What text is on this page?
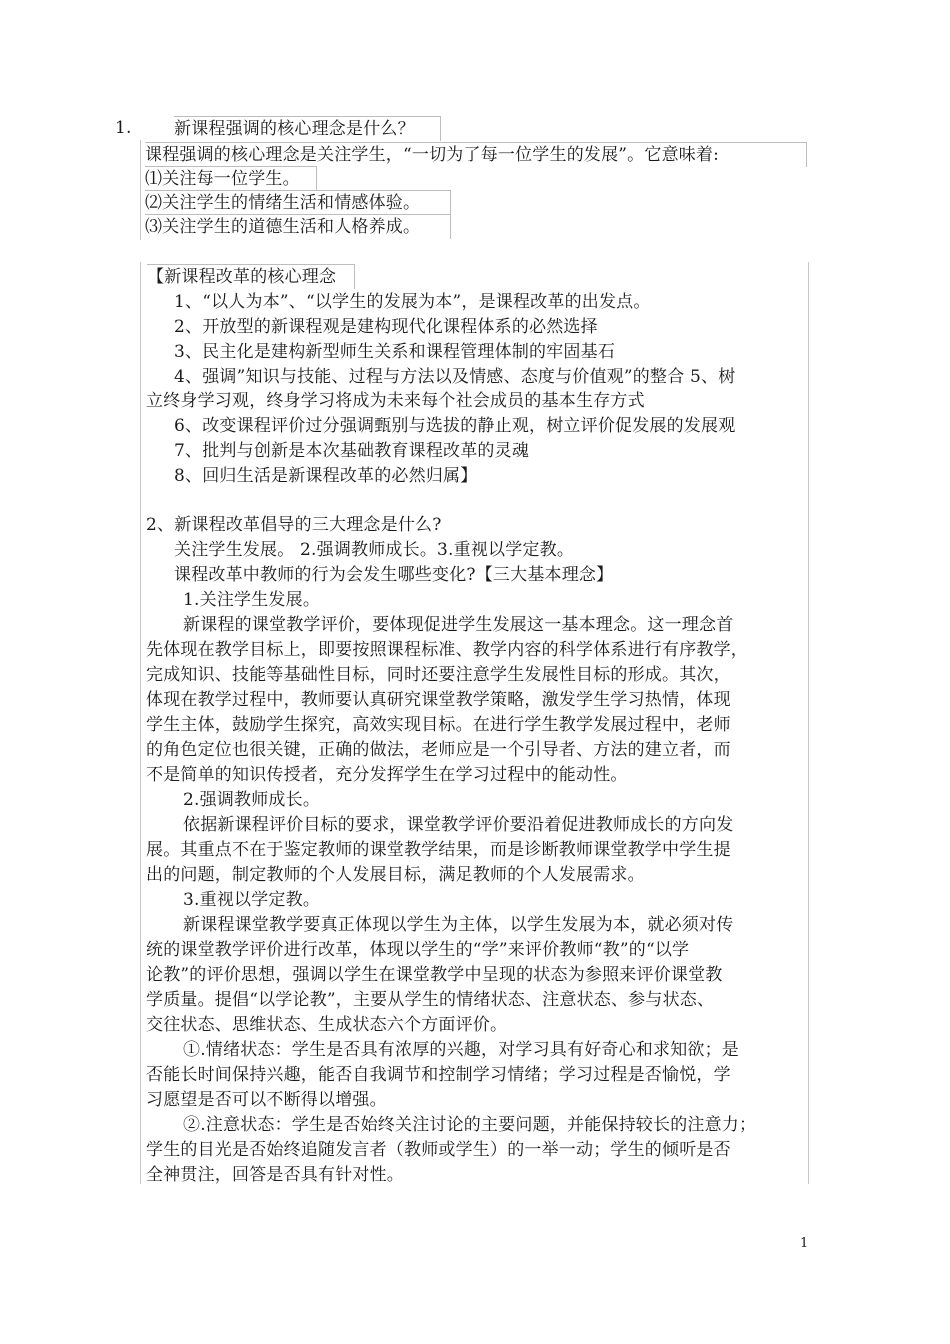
1. 新课程强调的核心理念是什么？
课程强调的核心理念是关注学生，“一切为了每一位学生的发展”。它意味着:
⑴关注每一位学生。
⑵关注学生的情绪生活和情感体验。
⑶关注学生的道德生活和人格养成。
【新课程改革的核心理念
1、“以人为本”、“以学生的发展为本”，是课程改革的出发点。
2、开放型的新课程观是建构现代化课程体系的必然选择
3、民主化是建构新型师生关系和课程管理体制的牢固基石
4、强调”知识与技能、过程与方法以及情感、态度与价值观”的整合 5、树
立终身学习观，终身学习将成为未来每个社会成员的基本生存方式
6、改变课程评价过分强调甄别与选拔的静止观，树立评价促发展的发展观
7、批判与创新是本次基础教育课程改革的灵魂
8、回归生活是新课程改革的必然归属】
2、新课程改革倡导的三大理念是什么?
关注学生发展。 2.强调教师成长。3.重视以学定教。
课程改革中教师的行为会发生哪些变化?【三大基本理念】
1.关注学生发展。
新课程的课堂教学评价，要体现促进学生发展这一基本理念。这一理念首
先体现在教学目标上，即要按照课程标准、教学内容的科学体系进行有序教学，
完成知识、技能等基础性目标，同时还要注意学生发展性目标的形成。其次，
体现在教学过程中，教师要认真研究课堂教学策略，激发学生学习热情，体现
学生主体，鼓励学生探究，高效实现目标。在进行学生教学发展过程中，老师
的角色定位也很关键，正确的做法，老师应是一个引导者、方法的建立者，而
不是简单的知识传授者，充分发挥学生在学习过程中的能动性。
2.强调教师成长。
依据新课程评价目标的要求，课堂教学评价要沿着促进教师成长的方向发
展。其重点不在于鉴定教师的课堂教学结果，而是诊断教师课堂教学中学生提
出的问题，制定教师的个人发展目标，满足教师的个人发展需求。
3.重视以学定教。
新课程课堂教学要真正体现以学生为主体，以学生发展为本，就必须对传
统的课堂教学评价进行改革，体现以学生的“学”来评价教师“教”的“以学
论教”的评价思想，强调以学生在课堂教学中呈现的状态为参照来评价课堂教
学质量。提倡“以学论教”，主要从学生的情绪状态、注意状态、参与状态、
交往状态、思维状态、生成状态六个方面评价。
①.情绪状态：学生是否具有浓厚的兴趣，对学习具有好奇心和求知欲；是
否能长时间保持兴趣，能否自我调节和控制学习情绪；学习过程是否愉悦，学
习愿望是否可以不断得以增强。
②.注意状态：学生是否始终关注讨论的主要问题，并能保持较长的注意力；
学生的目光是否始终追随发言者（教师或学生）的一举一动；学生的倾听是否
全神贯注，回答是否具有针对性。
1
